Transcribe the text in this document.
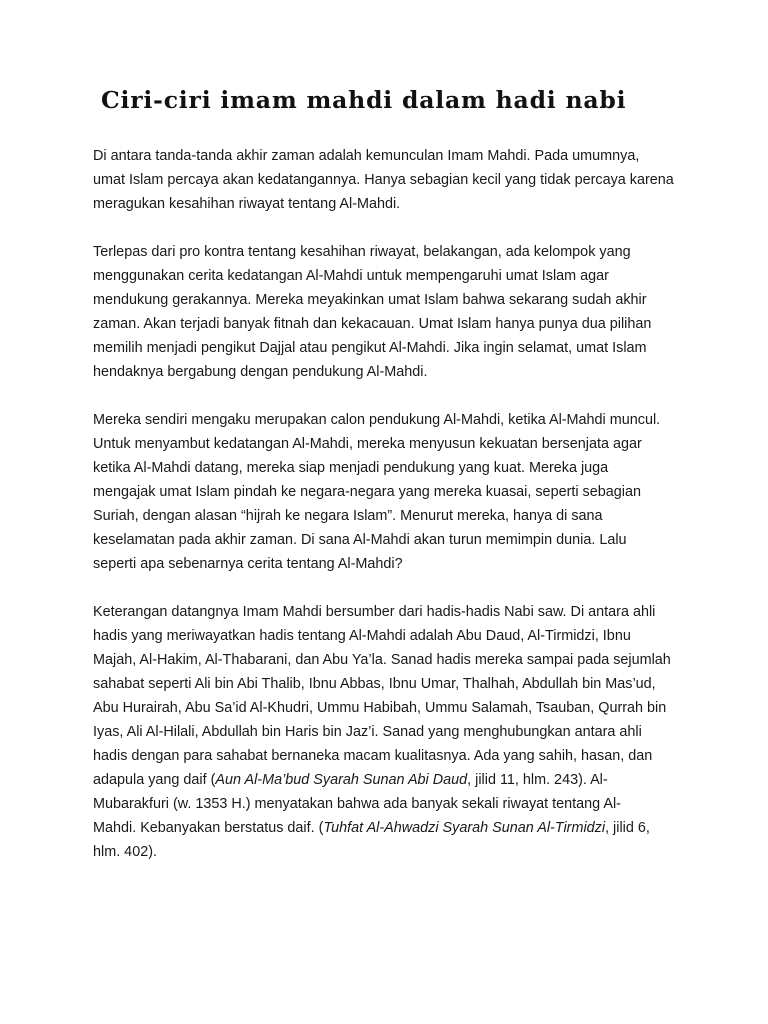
Ciri-ciri imam mahdi dalam hadi nabi

Di antara tanda-tanda akhir zaman adalah kemunculan Imam Mahdi. Pada umumnya,
umat Islam percaya akan kedatangannya. Hanya sebagian kecil yang tidak percaya karena
meragukan kesahihan riwayat tentang Al-Mahdi.

Terlepas dari pro kontra tentang kesahihan riwayat, belakangan, ada kelompok yang
menggunakan cerita kedatangan Al-Mahdi untuk mempengaruhi umat Islam agar
mendukung gerakannya. Mereka meyakinkan umat Islam bahwa sekarang sudah akhir
zaman. Akan terjadi banyak fitnah dan kekacauan. Umat Islam hanya punya dua pilihan
memilih menjadi pengikut Dajjal atau pengikut Al-Mahdi. Jika ingin selamat, umat Islam
hendaknya bergabung dengan pendukung Al-Mahdi.

Mereka sendiri mengaku merupakan calon pendukung Al-Mahdi, ketika Al-Mahdi muncul.
Untuk menyambut kedatangan Al-Mahdi, mereka menyusun kekuatan bersenjata agar
ketika Al-Mahdi datang, mereka siap menjadi pendukung yang kuat. Mereka juga
mengajak umat Islam pindah ke negara-negara yang mereka kuasai, seperti sebagian
Suriah, dengan alasan “hijrah ke negara Islam”. Menurut mereka, hanya di sana
keselamatan pada akhir zaman. Di sana Al-Mahdi akan turun memimpin dunia. Lalu
seperti apa sebenarnya cerita tentang Al-Mahdi?

Keterangan datangnya Imam Mahdi bersumber dari hadis-hadis Nabi saw. Di antara ahli
hadis yang meriwayatkan hadis tentang Al-Mahdi adalah Abu Daud, Al-Tirmidzi, Ibnu
Majah, Al-Hakim, Al-Thabarani, dan Abu Ya’la. Sanad hadis mereka sampai pada sejumlah
sahabat seperti Ali bin Abi Thalib, Ibnu Abbas, Ibnu Umar, Thalhah, Abdullah bin Mas’ud,
Abu Hurairah, Abu Sa’id Al-Khudri, Ummu Habibah, Ummu Salamah, Tsauban, Qurrah bin
Iyas, Ali Al-Hilali, Abdullah bin Haris bin Jaz’i. Sanad yang menghubungkan antara ahli
hadis dengan para sahabat bernaneka macam kualitasnya. Ada yang sahih, hasan, dan
adapula yang daif (Aun Al-Ma’bud Syarah Sunan Abi Daud, jilid 11, hlm. 243). Al-
Mubarakfuri (w. 1353 H.) menyatakan bahwa ada banyak sekali riwayat tentang Al-
Mahdi. Kebanyakan berstatus daif. (Tuhfat Al-Ahwadzi Syarah Sunan Al-Tirmidzi, jilid 6,
hlm. 402).
